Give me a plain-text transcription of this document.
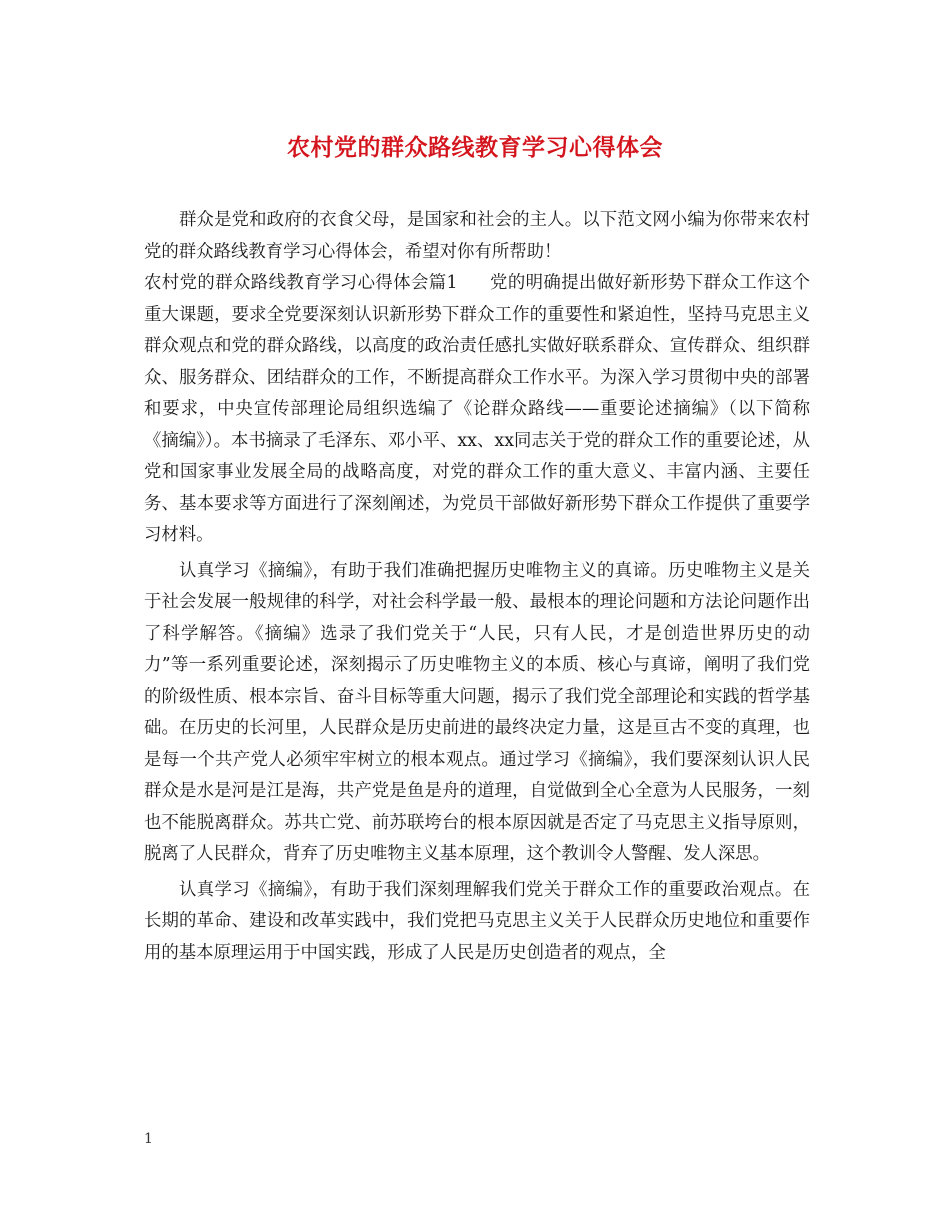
农村党的群众路线教育学习心得体会

群众是党和政府的衣食父母，是国家和社会的主人。以下范文网小编为你带来农村党的群众路线教育学习心得体会，希望对你有所帮助！

农村党的群众路线教育学习心得体会篇1 党的明确提出做好新形势下群众工作这个重大课题，要求全党要深刻认识新形势下群众工作的重要性和紧迫性，坚持马克思主义群众观点和党的群众路线，以高度的政治责任感扎实做好联系群众、宣传群众、组织群众、服务群众、团结群众的工作，不断提高群众工作水平。为深入学习贯彻中央的部署和要求，中央宣传部理论局组织选编了《论群众路线——重要论述摘编》（以下简称《摘编》）。本书摘录了毛泽东、邓小平、xx、xx同志关于党的群众工作的重要论述，从党和国家事业发展全局的战略高度，对党的群众工作的重大意义、丰富内涵、主要任务、基本要求等方面进行了深刻阐述，为党员干部做好新形势下群众工作提供了重要学习材料。

认真学习《摘编》，有助于我们准确把握历史唯物主义的真谛。历史唯物主义是关于社会发展一般规律的科学，对社会科学最一般、最根本的理论问题和方法论问题作出了科学解答。《摘编》选录了我们党关于“人民，只有人民，才是创造世界历史的动力”等一系列重要论述，深刻揭示了历史唯物主义的本质、核心与真谛，阐明了我们党的阶级性质、根本宗旨、奋斗目标等重大问题，揭示了我们党全部理论和实践的哲学基础。在历史的长河里，人民群众是历史前进的最终决定力量，这是亘古不变的真理，也是每一个共产党人必须牢牢树立的根本观点。通过学习《摘编》，我们要深刻认识人民群众是水是河是江是海，共产党是鱼是舟的道理，自觉做到全心全意为人民服务，一刻也不能脱离群众。苏共亡党、前苏联垮台的根本原因就是否定了马克思主义指导原则，脱离了人民群众，背弃了历史唯物主义基本原理，这个教训令人警醒、发人深思。

认真学习《摘编》，有助于我们深刻理解我们党关于群众工作的重要政治观点。在长期的革命、建设和改革实践中，我们党把马克思主义关于人民群众历史地位和重要作用的基本原理运用于中国实践，形成了人民是历史创造者的观点，全

1
